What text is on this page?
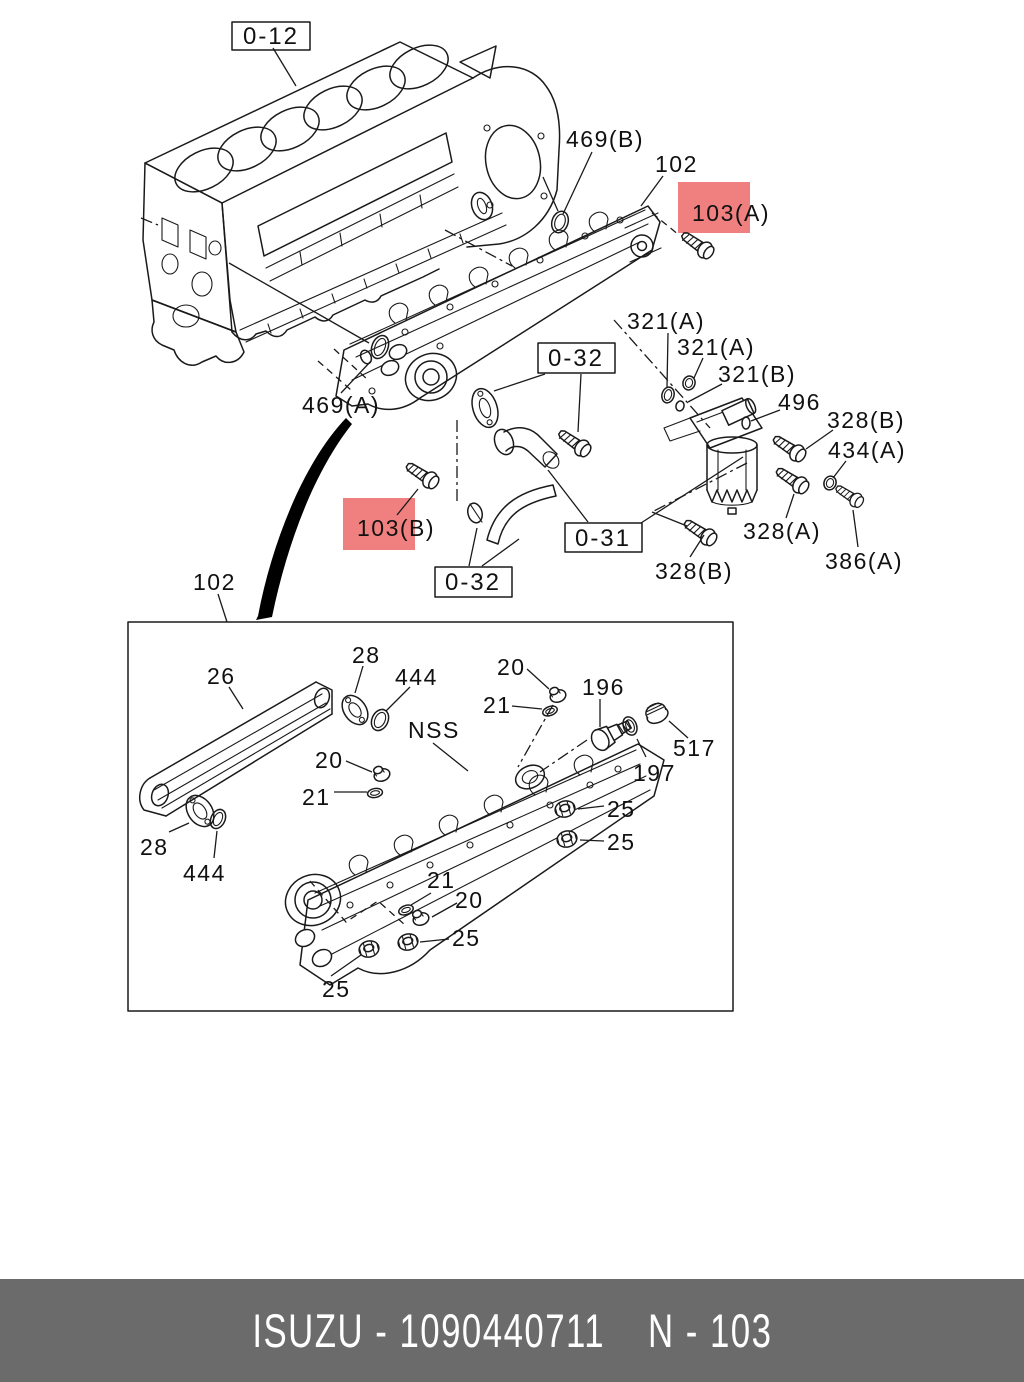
0-12
0-32
0-31
0-32
469(B)
102
103(A)
321(A)
321(A)
321(B)
496
328(B)
434(A)
328(A)
386(A)
328(B)
469(A)
103(B)
102
26
28
444	20
21
NSS
196
517
197
20
21	25
25
28
444	21
20
25
25
ISUZU - 1090440711 N - 103
